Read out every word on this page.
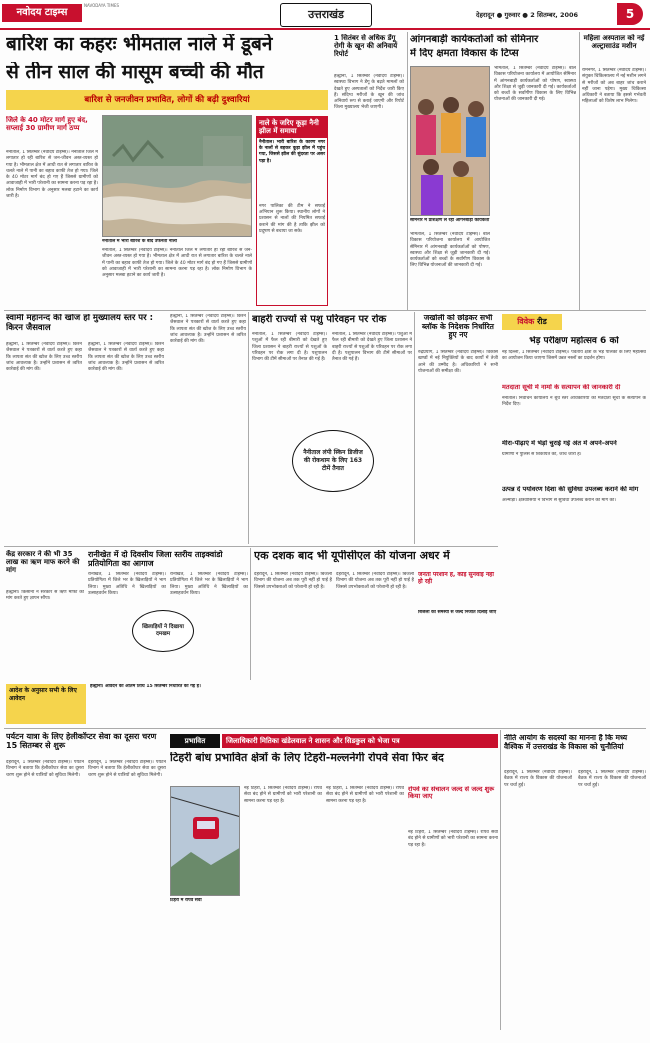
नवोदय टाइम्स
NAVODAYA TIMES
उत्तराखंड	देहरादून ● गुरुवार ● 2 सितम्बर, 2006	5
बारिश का कहरः भीमताल नाले में डूबने
से तीन साल की मासूम बच्ची की मौत
बारिश से जनजीवन प्रभावित, लोगों की बढ़ी दुश्वारियां
जिले के 40 मोटर मार्ग हुए बंद, सप्लाई 30 ग्रामीण मार्ग ठप्प
नैनीताल, 1 सितम्बर (नवोदय टाइम्स)। नैनीताल जिले में लगातार हो रही बारिश से जन-जीवन अस्त-व्यस्त हो गया है। भीमताल क्षेत्र में आधी रात से लगातार बारिश के चलते नाले में पानी का बहाव काफी तेज हो गया। जिले के 40 मोटर मार्ग बंद हो गए हैं जिससे ग्रामीणों को आवाजाही में भारी परेशानी का सामना करना पड़ रहा है। लोक निर्माण विभाग के अनुसार मलबा हटाने का कार्य जारी है।
नैनीताल में भारी बारिश के बाद उफनता नाला
नैनीताल, 1 सितम्बर (नवोदय टाइम्स)। नैनीताल जिले में लगातार हो रही बारिश से जन-जीवन अस्त-व्यस्त हो गया है। भीमताल क्षेत्र में आधी रात से लगातार बारिश के चलते नाले में पानी का बहाव काफी तेज हो गया। जिले के 40 मोटर मार्ग बंद हो गए हैं जिससे ग्रामीणों को आवाजाही में भारी परेशानी का सामना करना पड़ रहा है। लोक निर्माण विभाग के अनुसार मलबा हटाने का कार्य जारी है।
नाले के जरिए कूड़ा नैनी झील में समाया
नैनीताल। भारी बारिश के कारण नगर के नालों से बहकर कूड़ा झील में पहुंच गया, जिससे झील की सुंदरता पर असर पड़ा है।
नगर पालिका की टीम ने सफाई अभियान शुरू किया। स्थानीय लोगों ने प्रशासन से नालों की नियमित सफाई कराने की मांग की है ताकि झील को प्रदूषण से बचाया जा सके।
1 सितंबर से अधिक डेंगू रोगी के खून की अनिवार्य रिपोर्ट
हल्द्वानी, 1 सितम्बर (नवोदय टाइम्स)। स्वास्थ्य विभाग ने डेंगू के बढ़ते मामलों को देखते हुए अस्पतालों को निर्देश जारी किए हैं। संदिग्ध मरीजों के खून की जांच अनिवार्य रूप से कराई जाएगी और रिपोर्ट जिला मुख्यालय भेजी जाएगी।
आंगनबाड़ी कार्यकर्ताओं को सेमिनार
में दिए क्षमता विकास के टिप्स
सेमिनार में प्रशिक्षण ले रहीं आंगनबाड़ी कार्यकर्ता
भीमताल, 1 सितम्बर (नवोदय टाइम्स)। बाल विकास परियोजना कार्यालय में आयोजित सेमिनार में आंगनबाड़ी कार्यकर्ताओं को पोषण, स्वास्थ्य और शिक्षा से जुड़ी जानकारी दी गई। कार्यकर्ताओं को बच्चों के सर्वांगीण विकास के लिए विभिन्न योजनाओं की जानकारी दी गई।
भीमताल, 1 सितम्बर (नवोदय टाइम्स)। बाल विकास परियोजना कार्यालय में आयोजित सेमिनार में आंगनबाड़ी कार्यकर्ताओं को पोषण, स्वास्थ्य और शिक्षा से जुड़ी जानकारी दी गई। कार्यकर्ताओं को बच्चों के सर्वांगीण विकास के लिए विभिन्न योजनाओं की जानकारी दी गई।
महिला अस्पताल को नई अल्ट्रासाउंड मशीन
रामनगर, 1 सितम्बर (नवोदय टाइम्स)। संयुक्त चिकित्सालय में नई मशीन लगने से मरीजों को अब बाहर जांच कराने नहीं जाना पड़ेगा। मुख्य चिकित्सा अधिकारी ने बताया कि इससे गर्भवती महिलाओं को विशेष लाभ मिलेगा।
स्वामी महानन्द की खोज हो मुख्यालय स्तर पर : किरन जैसवाल
हल्द्वानी, 1 सितम्बर (नवोदय टाइम्स)। किरन जैसवाल ने पत्रकारों से वार्ता करते हुए कहा कि लापता संत की खोज के लिए उच्च स्तरीय जांच आवश्यक है। उन्होंने प्रशासन से त्वरित कार्रवाई की मांग की।
हल्द्वानी, 1 सितम्बर (नवोदय टाइम्स)। किरन जैसवाल ने पत्रकारों से वार्ता करते हुए कहा कि लापता संत की खोज के लिए उच्च स्तरीय जांच आवश्यक है। उन्होंने प्रशासन से त्वरित कार्रवाई की मांग की।
हल्द्वानी, 1 सितम्बर (नवोदय टाइम्स)। किरन जैसवाल ने पत्रकारों से वार्ता करते हुए कहा कि लापता संत की खोज के लिए उच्च स्तरीय जांच आवश्यक है। उन्होंने प्रशासन से त्वरित कार्रवाई की मांग की।
बाहरी राज्यों से पशु परिवहन पर रोक
नैनीताल, 1 सितम्बर (नवोदय टाइम्स)। पशुओं में फैल रही बीमारी को देखते हुए जिला प्रशासन ने बाहरी राज्यों से पशुओं के परिवहन पर रोक लगा दी है। पशुपालन विभाग की टीमें सीमाओं पर तैनात की गई हैं।
नैनीताल, 1 सितम्बर (नवोदय टाइम्स)। पशुओं में फैल रही बीमारी को देखते हुए जिला प्रशासन ने बाहरी राज्यों से पशुओं के परिवहन पर रोक लगा दी है। पशुपालन विभाग की टीमें सीमाओं पर तैनात की गई हैं।
नैनीताल लंपी स्किन डिजीज की रोकथाम के लिए 163 टीमें तैनात
जखोली को छोड़कर सभी ब्लॉक के निदेशक निर्धारित हुए नए
रुद्रप्रयाग, 1 सितम्बर (नवोदय टाइम्स)। विकास खण्डों में नई नियुक्तियों के बाद कार्यों में तेजी आने की उम्मीद है। अधिकारियों ने सभी योजनाओं की समीक्षा की।
विवेक रीड
भेड़ परीक्षण महोत्सव 6 को
नई दिल्ली, 1 सितम्बर (नवोदय टाइम्स)। पर्वतीय क्षेत्रों के भेड़ पालकों के लिए महोत्सव का आयोजन किया जाएगा जिसमें उन्नत नस्लों का प्रदर्शन होगा।
मतदाता सूची में नामों के सत्यापन की जानकारी दी
नैनीताल। निर्वाचन कार्यालय ने बूथ स्तर अधिकारियों को मतदाता सूची के सत्यापन के निर्देश दिए।
मीरा-पीढ़ाएं में भेड़ों चुराई गई अंत में अपने-अपने
ग्रामीणों ने पुलिस से शिकायत की, जांच जारी है।
उत्पन्न दें पर्यावरण दिशा की सुविधा उपलब्ध कराने की मांग
अल्मोड़ा। क्षेत्रवासियों ने विभाग से सुविधा उपलब्ध कराने की मांग की।
केंद्र सरकार ने की भी 35 लाख का ऋण माफ करने की मांग
हल्द्वानी। किसानों ने सरकार से ऋण माफी की मांग करते हुए ज्ञापन सौंपा।
रानीखेत में दो दिवसीय जिला स्तरीय ताइक्वांडो प्रतियोगिता का आगाज
रानीखेत, 1 सितम्बर (नवोदय टाइम्स)। प्रतियोगिता में जिले भर के खिलाड़ियों ने भाग लिया। मुख्य अतिथि ने खिलाड़ियों का उत्साहवर्धन किया।
रानीखेत, 1 सितम्बर (नवोदय टाइम्स)। प्रतियोगिता में जिले भर के खिलाड़ियों ने भाग लिया। मुख्य अतिथि ने खिलाड़ियों का उत्साहवर्धन किया।
खिलाड़ियों ने दिखाया दमखम
एक दशक बाद भी यूपीसीएल की योजना अधर में
देहरादून, 1 सितम्बर (नवोदय टाइम्स)। बिजली विभाग की योजना अब तक पूरी नहीं हो पाई है जिससे उपभोक्ताओं को परेशानी हो रही है।
देहरादून, 1 सितम्बर (नवोदय टाइम्स)। बिजली विभाग की योजना अब तक पूरी नहीं हो पाई है जिससे उपभोक्ताओं को परेशानी हो रही है।
जनता परेशान है, कोई सुनवाई नहीं हो रही
बिजली की समस्या से जल्द निजात दिलाई जाए
आदेश के अनुसार सभी के लिए आवेदन
हल्द्वानी। आवेदन की अंतिम तिथि 15 सितम्बर निर्धारित की गई है।
पर्यटन यात्रा के लिए हेलीकॉप्टर सेवा का दूसरा चरण 15 सितम्बर से शुरू
देहरादून, 1 सितम्बर (नवोदय टाइम्स)। पर्यटन विभाग ने बताया कि हेलीकॉप्टर सेवा का दूसरा चरण शुरू होने से यात्रियों को सुविधा मिलेगी।
देहरादून, 1 सितम्बर (नवोदय टाइम्स)। पर्यटन विभाग ने बताया कि हेलीकॉप्टर सेवा का दूसरा चरण शुरू होने से यात्रियों को सुविधा मिलेगी।
प्रभावित	जिलाधिकारी मितिका खंडेलवाल ने शासन और सिडकुल को भेजा पत्र
टिहरी बांध प्रभावित क्षेत्रों के लिए टिहरी-मल्लनेगी रोपवे सेवा फिर बंद
टिहरी में रोपवे सेवा
नई टिहरी, 1 सितम्बर (नवोदय टाइम्स)। रोपवे सेवा बंद होने से ग्रामीणों को भारी परेशानी का सामना करना पड़ रहा है।
नई टिहरी, 1 सितम्बर (नवोदय टाइम्स)। रोपवे सेवा बंद होने से ग्रामीणों को भारी परेशानी का सामना करना पड़ रहा है।
रोपवे का संचालन जल्द से जल्द शुरू किया जाए
नई टिहरी, 1 सितम्बर (नवोदय टाइम्स)। रोपवे सेवा बंद होने से ग्रामीणों को भारी परेशानी का सामना करना पड़ रहा है।
नीति आयोग के सदस्यों का मानना है कि मध्य वैश्विक में उत्तराखंड के विकास को चुनौतियां
देहरादून, 1 सितम्बर (नवोदय टाइम्स)। बैठक में राज्य के विकास की योजनाओं पर चर्चा हुई।
देहरादून, 1 सितम्बर (नवोदय टाइम्स)। बैठक में राज्य के विकास की योजनाओं पर चर्चा हुई।
